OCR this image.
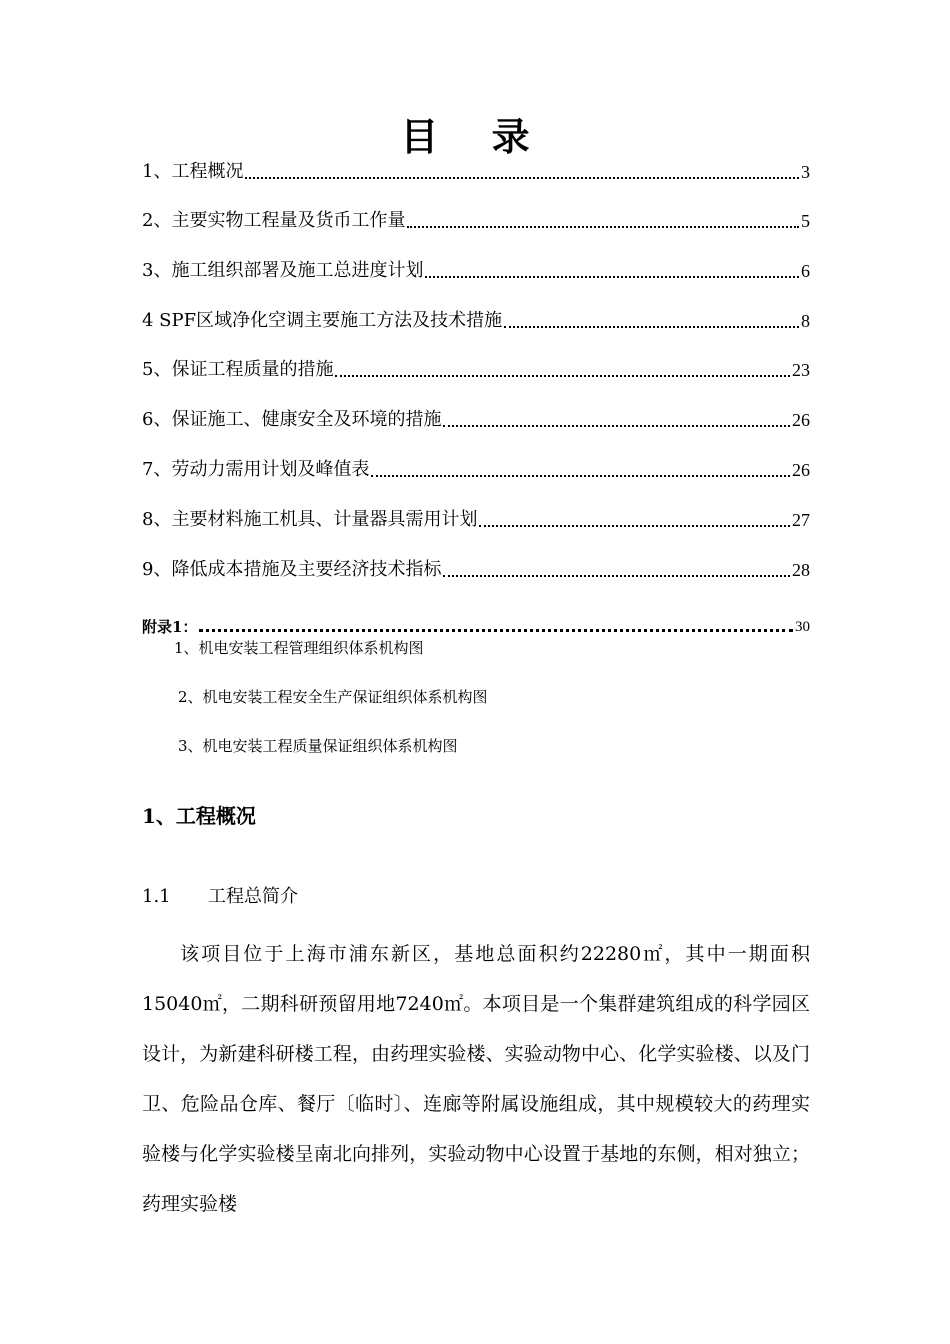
目 录
1、工程概况	3
2、主要实物工程量及货币工作量	5
3、施工组织部署及施工总进度计划	6
4 SPF区域净化空调主要施工方法及技术措施	8
5、保证工程质量的措施	23
6、保证施工、健康安全及环境的措施	26
7、劳动力需用计划及峰值表	26
8、主要材料施工机具、计量器具需用计划	27
9、降低成本措施及主要经济技术指标	28
附录1：	30
1、机电安装工程管理组织体系机构图
2、机电安装工程安全生产保证组织体系机构图
3、机电安装工程质量保证组织体系机构图
1、工程概况
1.1 工程总简介
该项目位于上海市浦东新区，基地总面积约22280㎡，其中一期面积15040㎡，二期科研预留用地7240㎡。本项目是一个集群建筑组成的科学园区设计，为新建科研楼工程，由药理实验楼、实验动物中心、化学实验楼、以及门卫、危险品仓库、餐厅〔临时〕、连廊等附属设施组成，其中规模较大的药理实验楼与化学实验楼呈南北向排列，实验动物中心设置于基地的东侧，相对独立；药理实验楼
